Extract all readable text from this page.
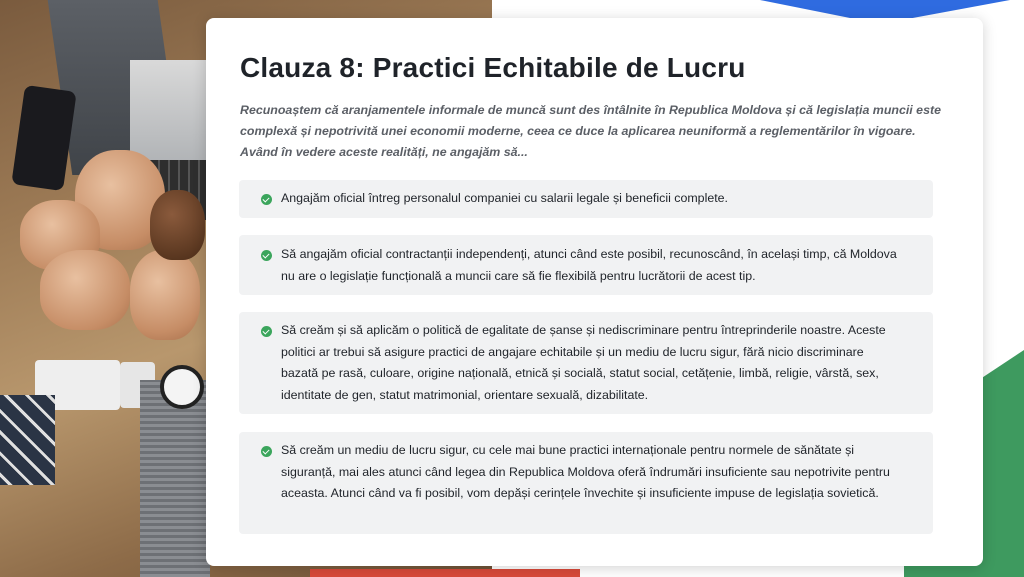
Clauza 8: Practici Echitabile de Lucru

Recunoaștem că aranjamentele informale de muncă sunt des întâlnite în Republica Moldova și că legislația muncii este complexă și nepotrivită unei economii moderne, ceea ce duce la aplicarea neuniformă a reglementărilor în vigoare. Având în vedere aceste realități, ne angajăm să...

Angajăm oficial întreg personalul companiei cu salarii legale și beneficii complete.

Să angajăm oficial contractanții independenți, atunci când este posibil, recunoscând, în același timp, că Moldova nu are o legislație funcțională a muncii care să fie flexibilă pentru lucrătorii de acest tip.

Să creăm și să aplicăm o politică de egalitate de șanse și nediscriminare pentru întreprinderile noastre. Aceste politici ar trebui să asigure practici de angajare echitabile și un mediu de lucru sigur, fără nicio discriminare bazată pe rasă, culoare, origine națională, etnică și socială, statut social, cetățenie, limbă, religie, vârstă, sex, identitate de gen, statut matrimonial, orientare sexuală, dizabilitate.

Să creăm un mediu de lucru sigur, cu cele mai bune practici internaționale pentru normele de sănătate și siguranță, mai ales atunci când legea din Republica Moldova oferă îndrumări insuficiente sau nepotrivite pentru aceasta. Atunci când va fi posibil, vom depăși cerințele învechite și insuficiente impuse de legislația sovietică.
